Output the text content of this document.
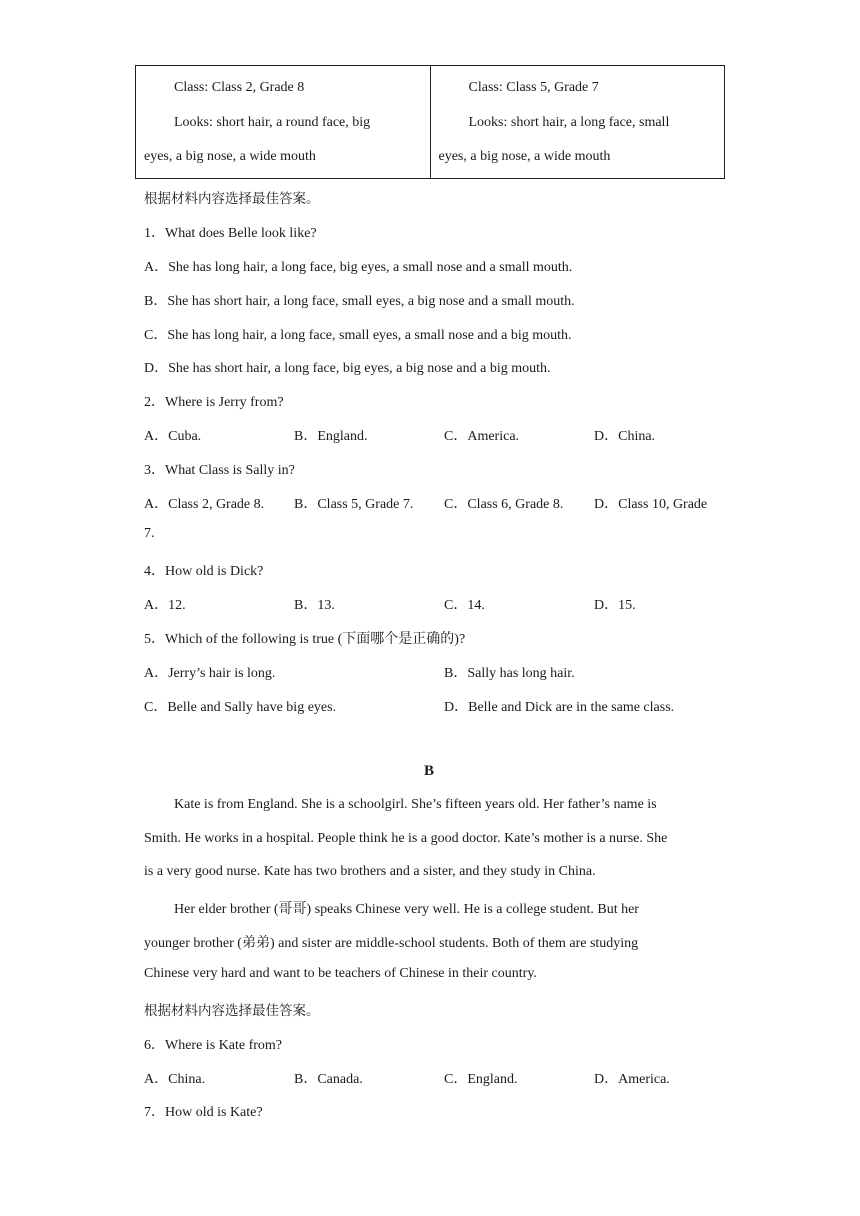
Class: Class 2, Grade 8
Looks: short hair, a round face, big
eyes, a big nose, a wide mouth

Class: Class 5, Grade 7
Looks: short hair, a long face, small
eyes, a big nose, a wide mouth
根据材料内容选择最佳答案。
1．What does Belle look like?
A．She has long hair, a long face, big eyes, a small nose and a small mouth.
B．She has short hair, a long face, small eyes, a big nose and a small mouth.
C．She has long hair, a long face, small eyes, a small nose and a big mouth.
D．She has short hair, a long face, big eyes, a big nose and a big mouth.
2．Where is Jerry from?
A．Cuba.	B．England.	C．America.	D．China.
3．What Class is Sally in?
A．Class 2, Grade 8. B．Class 5, Grade 7. C．Class 6, Grade 8. D．Class 10, Grade
7.
4．How old is Dick?
A．12.	B．13.	C．14.	D．15.
5．Which of the following is true (下面哪个是正确的)?
A．Jerry’s hair is long.	B．Sally has long hair.
C．Belle and Sally have big eyes.	D．Belle and Dick are in the same class.
B
Kate is from England. She is a schoolgirl. She’s fifteen years old. Her father’s name is
Smith. He works in a hospital. People think he is a good doctor. Kate’s mother is a nurse. She
is a very good nurse. Kate has two brothers and a sister, and they study in China.
Her elder brother (哥哥) speaks Chinese very well. He is a college student. But her
younger brother (弟弟) and sister are middle-school students. Both of them are studying
Chinese very hard and want to be teachers of Chinese in their country.
根据材料内容选择最佳答案。
6．Where is Kate from?
A．China.	B．Canada.	C．England.	D．America.
7．How old is Kate?
